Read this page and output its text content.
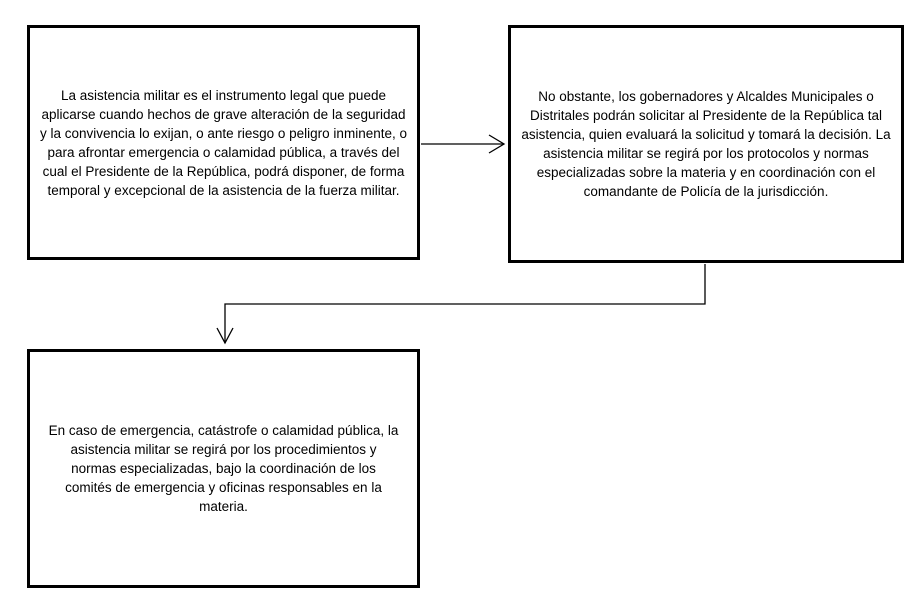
La asistencia militar es el instrumento legal que puede aplicarse cuando hechos de grave alteración de la seguridad y la convivencia lo exijan, o ante riesgo o peligro inminente, o para afrontar emergencia o calamidad pública, a través del cual el Presidente de la República, podrá disponer, de forma temporal y excepcional de la asistencia de la fuerza militar.

No obstante, los gobernadores y Alcaldes Municipales o Distritales podrán solicitar al Presidente de la República tal asistencia, quien evaluará la solicitud y tomará la decisión. La asistencia militar se regirá por los protocolos y normas especializadas sobre la materia y en coordinación con el comandante de Policía de la jurisdicción.

En caso de emergencia, catástrofe o calamidad pública, la asistencia militar se regirá por los procedimientos y normas especializadas, bajo la coordinación de los comités de emergencia y oficinas responsables en la materia.
